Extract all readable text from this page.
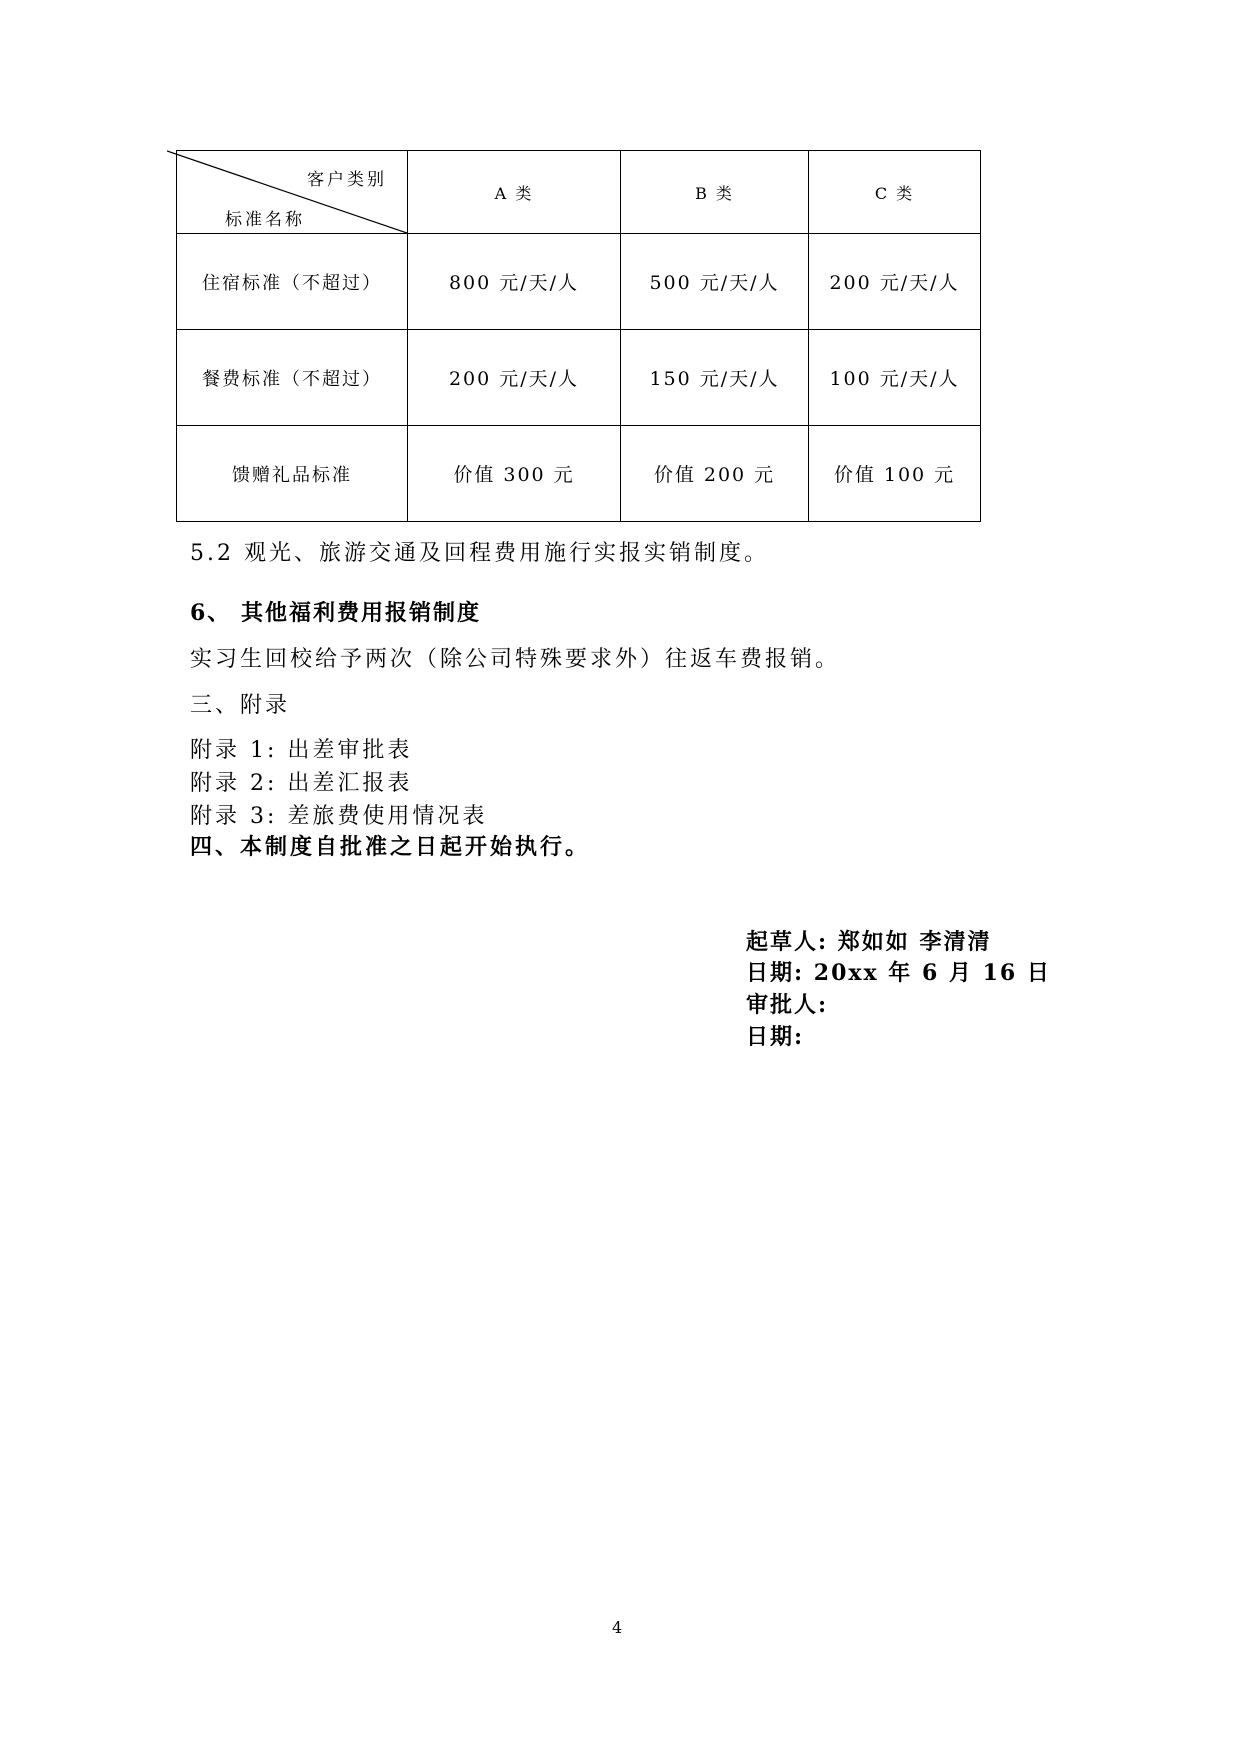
客户类别
标准名称	A 类	B 类	C 类
住宿标准（不超过）	800 元/天/人	500 元/天/人	200 元/天/人
餐费标准（不超过）	200 元/天/人	150 元/天/人	100 元/天/人
馈赠礼品标准	价值 300 元	价值 200 元	价值 100 元
5.2 观光、旅游交通及回程费用施行实报实销制度。
6、 其他福利费用报销制度
实习生回校给予两次（除公司特殊要求外）往返车费报销。
三、附录
附录 1: 出差审批表
附录 2: 出差汇报表
附录 3: 差旅费使用情况表
四、本制度自批准之日起开始执行。
起草人: 郑如如 李清清
日期: 20xx 年 6 月 16 日
审批人:
日期:
4
